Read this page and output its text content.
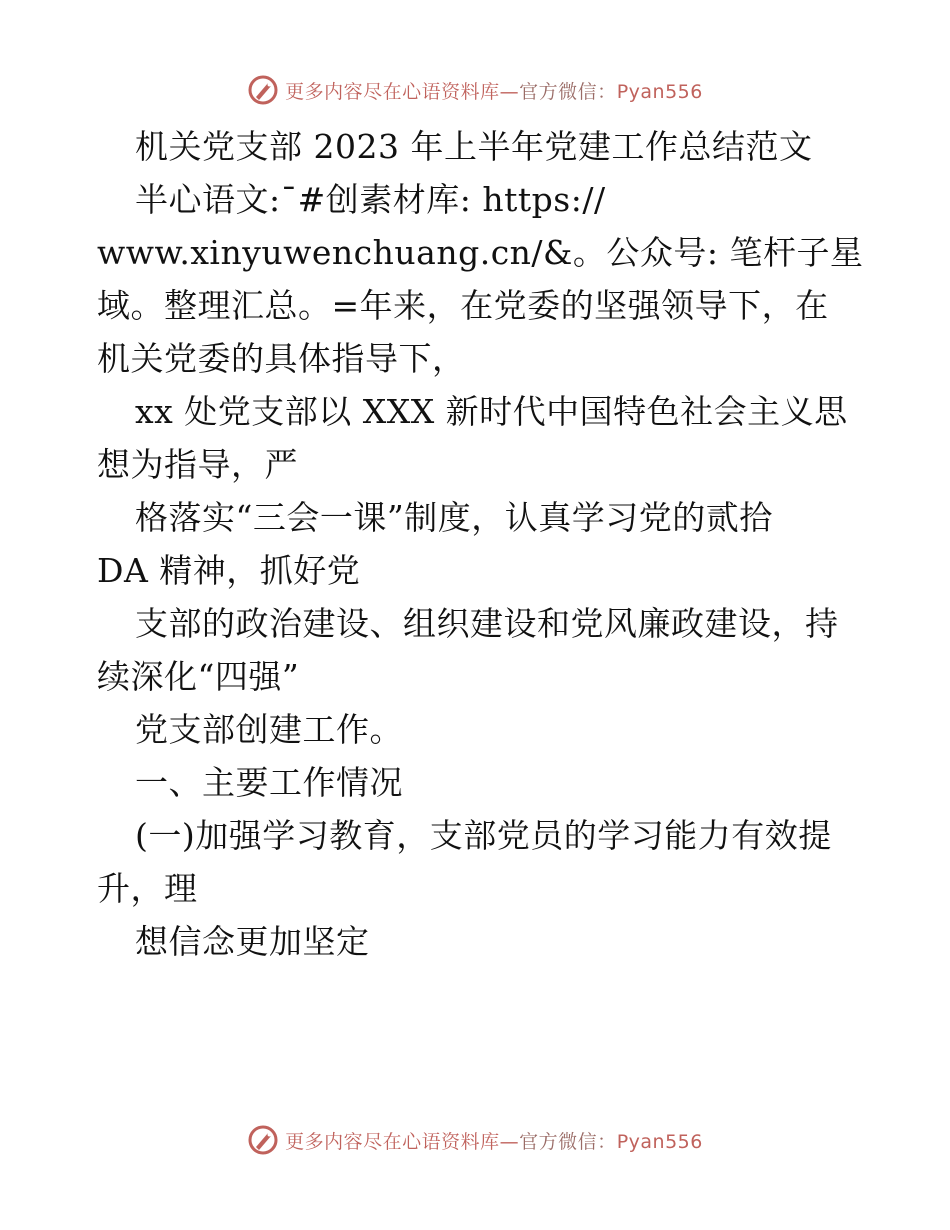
更多内容尽在心语资料库—官方微信：Pyan556
机关党支部 2023 年上半年党建工作总结范文
半心语文:¯#创素材库: https://
www.xinyuwenchuang.cn/&。公众号: 笔杆子星
域。整理汇总。=年来，在党委的坚强领导下，在
机关党委的具体指导下，
xx 处党支部以 XXX 新时代中国特色社会主义思
想为指导，严
格落实“三会一课”制度，认真学习党的贰拾
DA 精神，抓好党
支部的政治建设、组织建设和党风廉政建设，持
续深化“四强”
党支部创建工作。
一、主要工作情况
(一)加强学习教育，支部党员的学习能力有效提
升，理
想信念更加坚定
更多内容尽在心语资料库—官方微信：Pyan556
